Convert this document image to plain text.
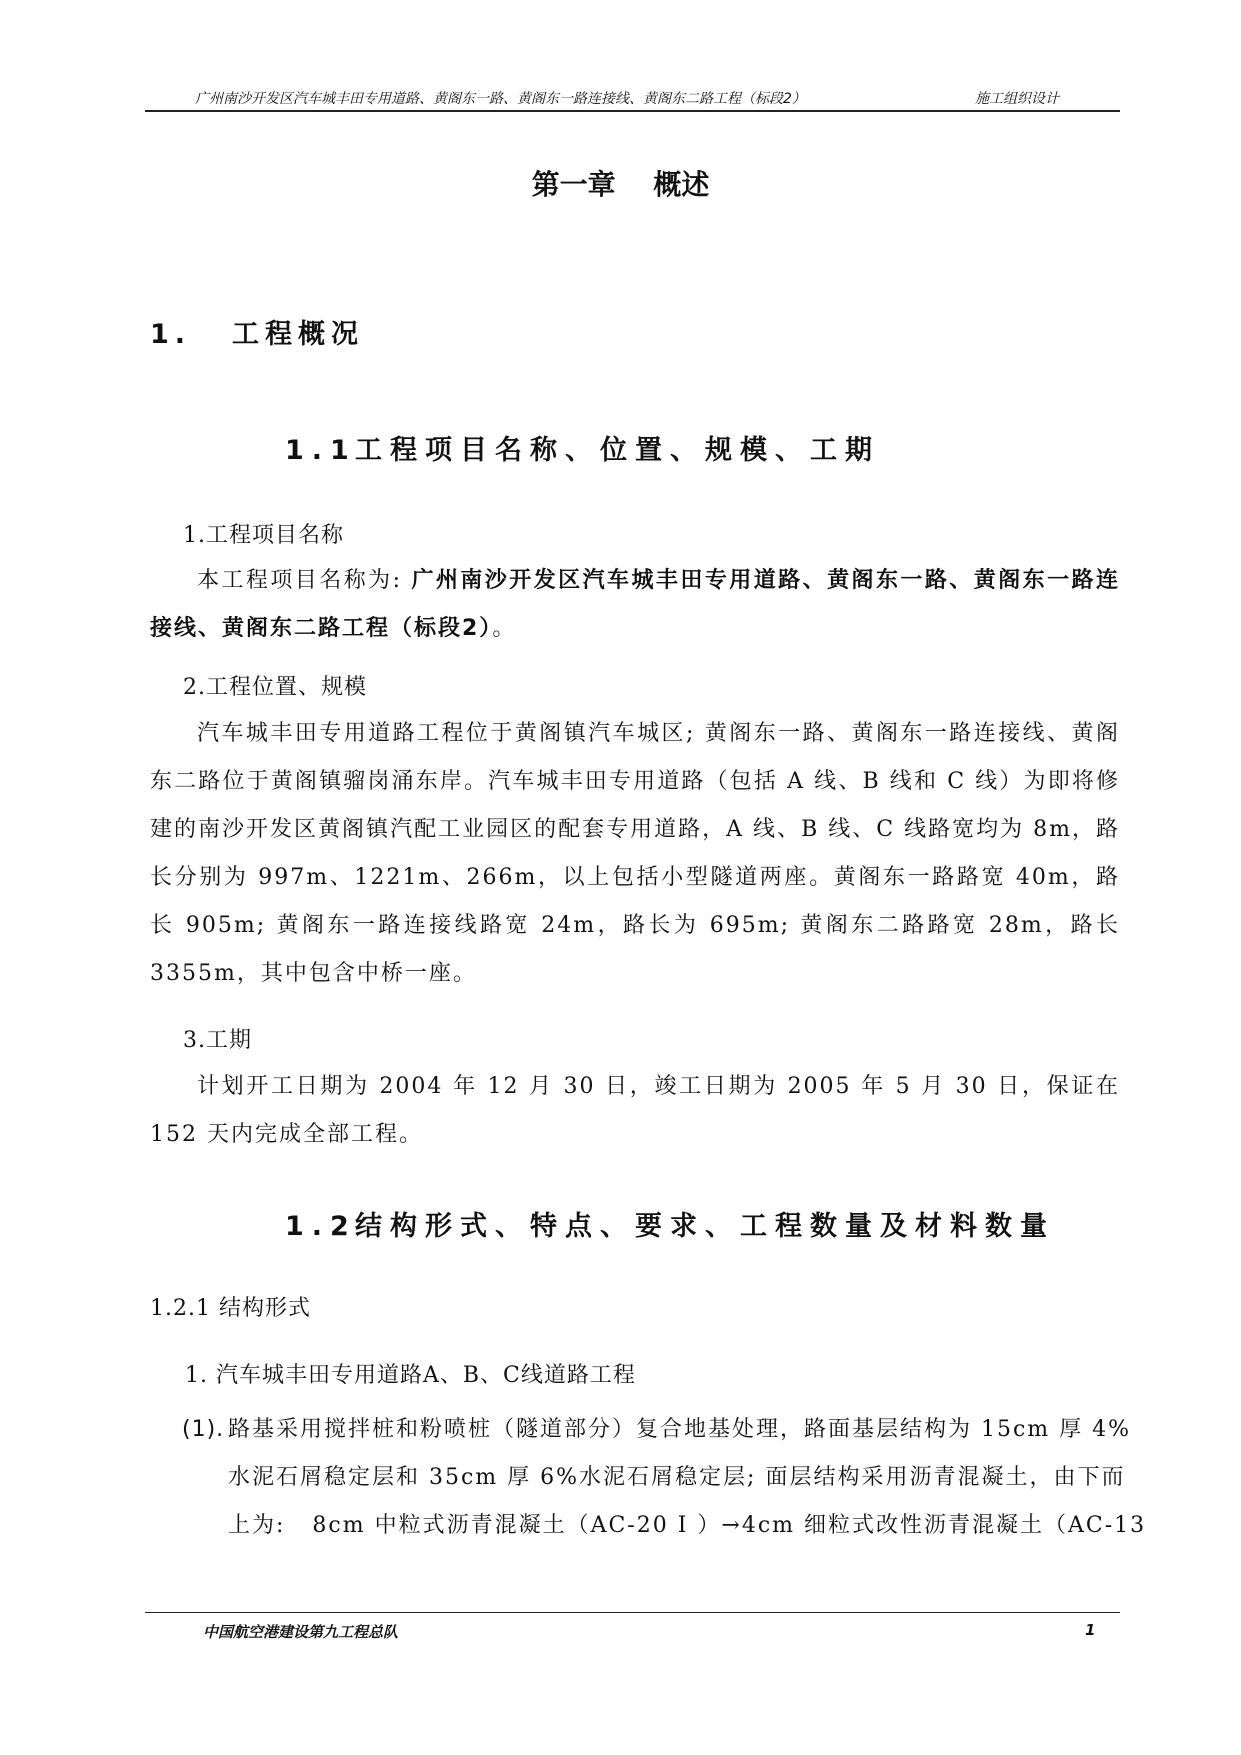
广州南沙开发区汽车城丰田专用道路、黄阁东一路、黄阁东一路连接线、黄阁东二路工程（标段2）	施工组织设计
第一章　 概述
1. 工程概况
1.1工程项目名称、位置、规模、工期
1.工程项目名称
本工程项目名称为: 广州南沙开发区汽车城丰田专用道路、黄阁东一路、黄阁东一路连接线、黄阁东二路工程（标段2）。
2.工程位置、规模
汽车城丰田专用道路工程位于黄阁镇汽车城区; 黄阁东一路、黄阁东一路连接线、黄阁东二路位于黄阁镇骝岗涌东岸。汽车城丰田专用道路（包括 A 线、B 线和 C 线）为即将修建的南沙开发区黄阁镇汽配工业园区的配套专用道路，A 线、B 线、C 线路宽均为 8m，路长分别为 997m、1221m、266m，以上包括小型隧道两座。黄阁东一路路宽 40m，路长 905m; 黄阁东一路连接线路宽 24m，路长为 695m; 黄阁东二路路宽 28m，路长 3355m，其中包含中桥一座。
3.工期
计划开工日期为 2004 年 12 月 30 日，竣工日期为 2005 年 5 月 30 日，保证在 152 天内完成全部工程。
1.2结构形式、特点、要求、工程数量及材料数量
1.2.1 结构形式
1. 汽车城丰田专用道路A、B、C线道路工程
(1). 路基采用搅拌桩和粉喷桩（隧道部分）复合地基处理，路面基层结构为 15cm 厚 4%
水泥石屑稳定层和 35cm 厚 6%水泥石屑稳定层; 面层结构采用沥青混凝土，由下而
上为:   8cm 中粒式沥青混凝土（AC-20 I ）→4cm 细粒式改性沥青混凝土（AC-13
中国航空港建设第九工程总队	1
